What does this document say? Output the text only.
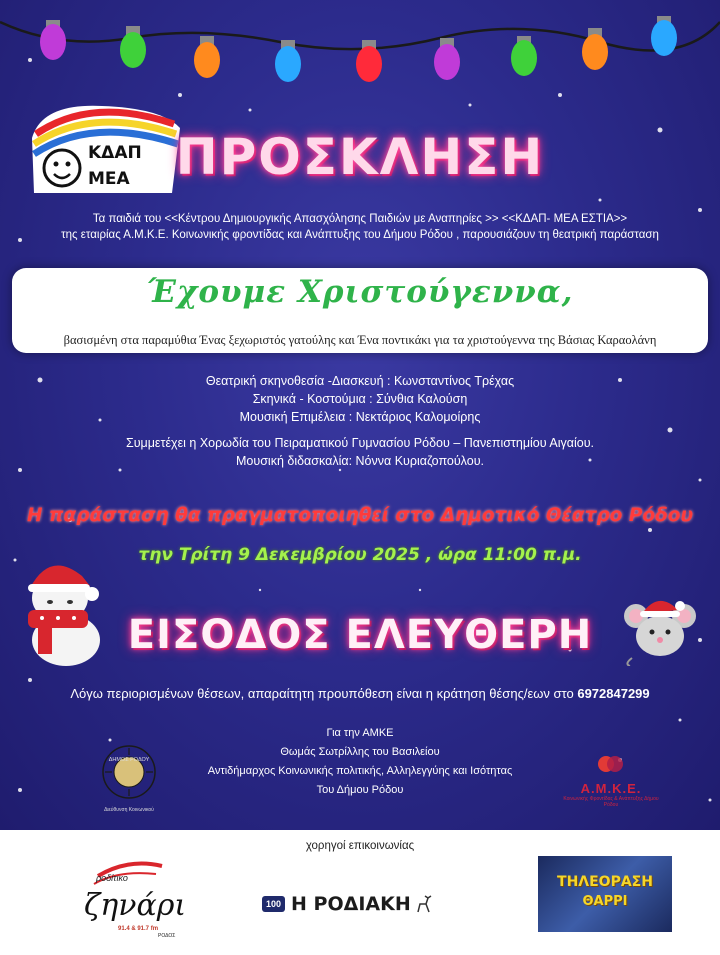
ΚΔΑΠ
ΜΕΑ ΠΡΟΣΚΛΗΣΗ
Τα παιδιά του <<Κέντρου Δημιουργικής Απασχόλησης Παιδιών με Αναπηρίες >> <<ΚΔΑΠ- ΜΕΑ ΕΣΤΙΑ>>
της εταιρίας Α.Μ.Κ.Ε. Κοινωνικής φροντίδας και Ανάπτυξης του Δήμου Ρόδου , παρουσιάζουν τη θεατρική παράσταση
Έχουμε Χριστούγεννα,
βασισμένη στα παραμύθια Ένας ξεχωριστός γατούλης και Ένα ποντικάκι για τα χριστούγεννα της Βάσιας Καραολάνη
Θεατρική σκηνοθεσία -Διασκευή : Κωνσταντίνος Τρέχας
Σκηνικά - Κοστούμια : Σύνθια Καλούση
Μουσική Επιμέλεια : Νεκτάριος Καλομοίρης
Συμμετέχει η Χορωδία του Πειραματικού Γυμνασίου Ρόδου – Πανεπιστημίου Αιγαίου.
Μουσική διδασκαλία: Νόννα Κυριαζοπούλου.
Η παράσταση θα πραγματοποιηθεί στο Δημοτικό Θέατρο Ρόδου
την Τρίτη 9 Δεκεμβρίου 2025 , ώρα 11:00 π.μ.
ΕΙΣΟΔΟΣ ΕΛΕΥΘΕΡΗ
Λόγω περιορισμένων θέσεων, απαραίτητη προυπόθεση είναι η κράτηση θέσης/εων στο 6972847299
Για την ΑΜΚΕ
Θωμάς Σωτρίλλης του Βασιλείου
Αντιδήμαρχος Κοινωνικής πολιτικής, Αλληλεγγύης και Ισότητας
Του Δήμου Ρόδου
ΔΗΜΟΣ ΡΟΔΟΥ
Διεύθυνση Κοινωνικού
Α.Μ.Κ.Ε.
Κοινωνικής Φροντίδας & Ανάπτυξης Δήμου Ρόδου
χορηγοί επικοινωνίας
ροδίτικο
ζηνάρι
91.4 & 91.7 fm
ΡΟΔΟΣ
100 Η ΡΟΔΙΑΚΗ
ΤΗΛΕΟΡΑΣΗ
ΘΑΡΡΙ
